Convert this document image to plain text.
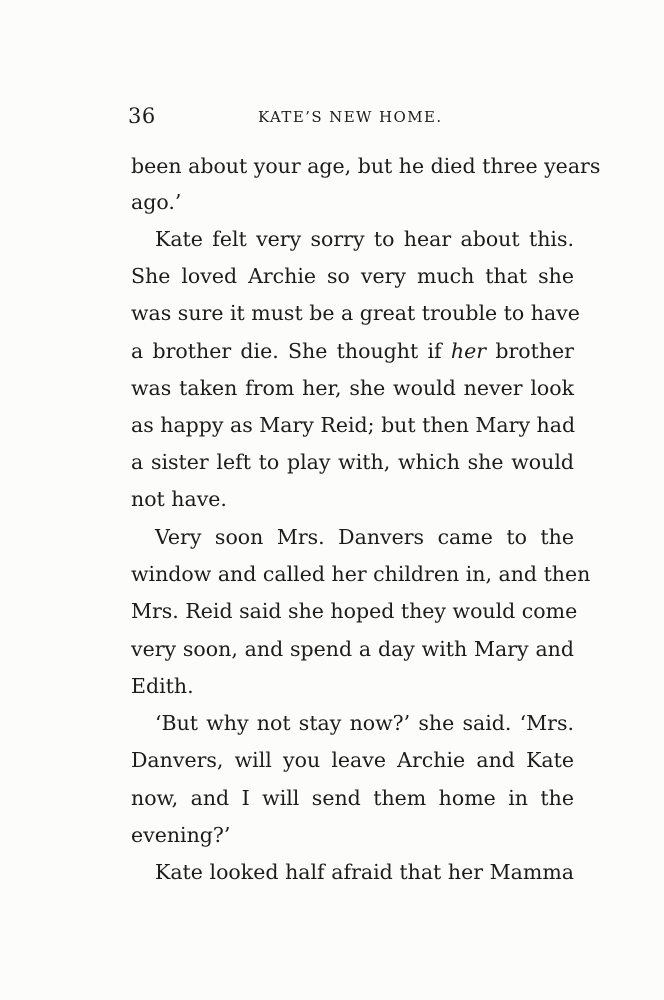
36	KATE’S NEW HOME.
been about your age, but he died three years
ago.’
Kate felt very sorry to hear about this.
She loved Archie so very much that she
was sure it must be a great trouble to have
a brother die. She thought if her brother
was taken from her, she would never look
as happy as Mary Reid; but then Mary had
a sister left to play with, which she would
not have.
Very soon Mrs. Danvers came to the
window and called her children in, and then
Mrs. Reid said she hoped they would come
very soon, and spend a day with Mary and
Edith.
‘But why not stay now?’ she said. ‘Mrs.
Danvers, will you leave Archie and Kate
now, and I will send them home in the
evening?’
Kate looked half afraid that her Mamma
